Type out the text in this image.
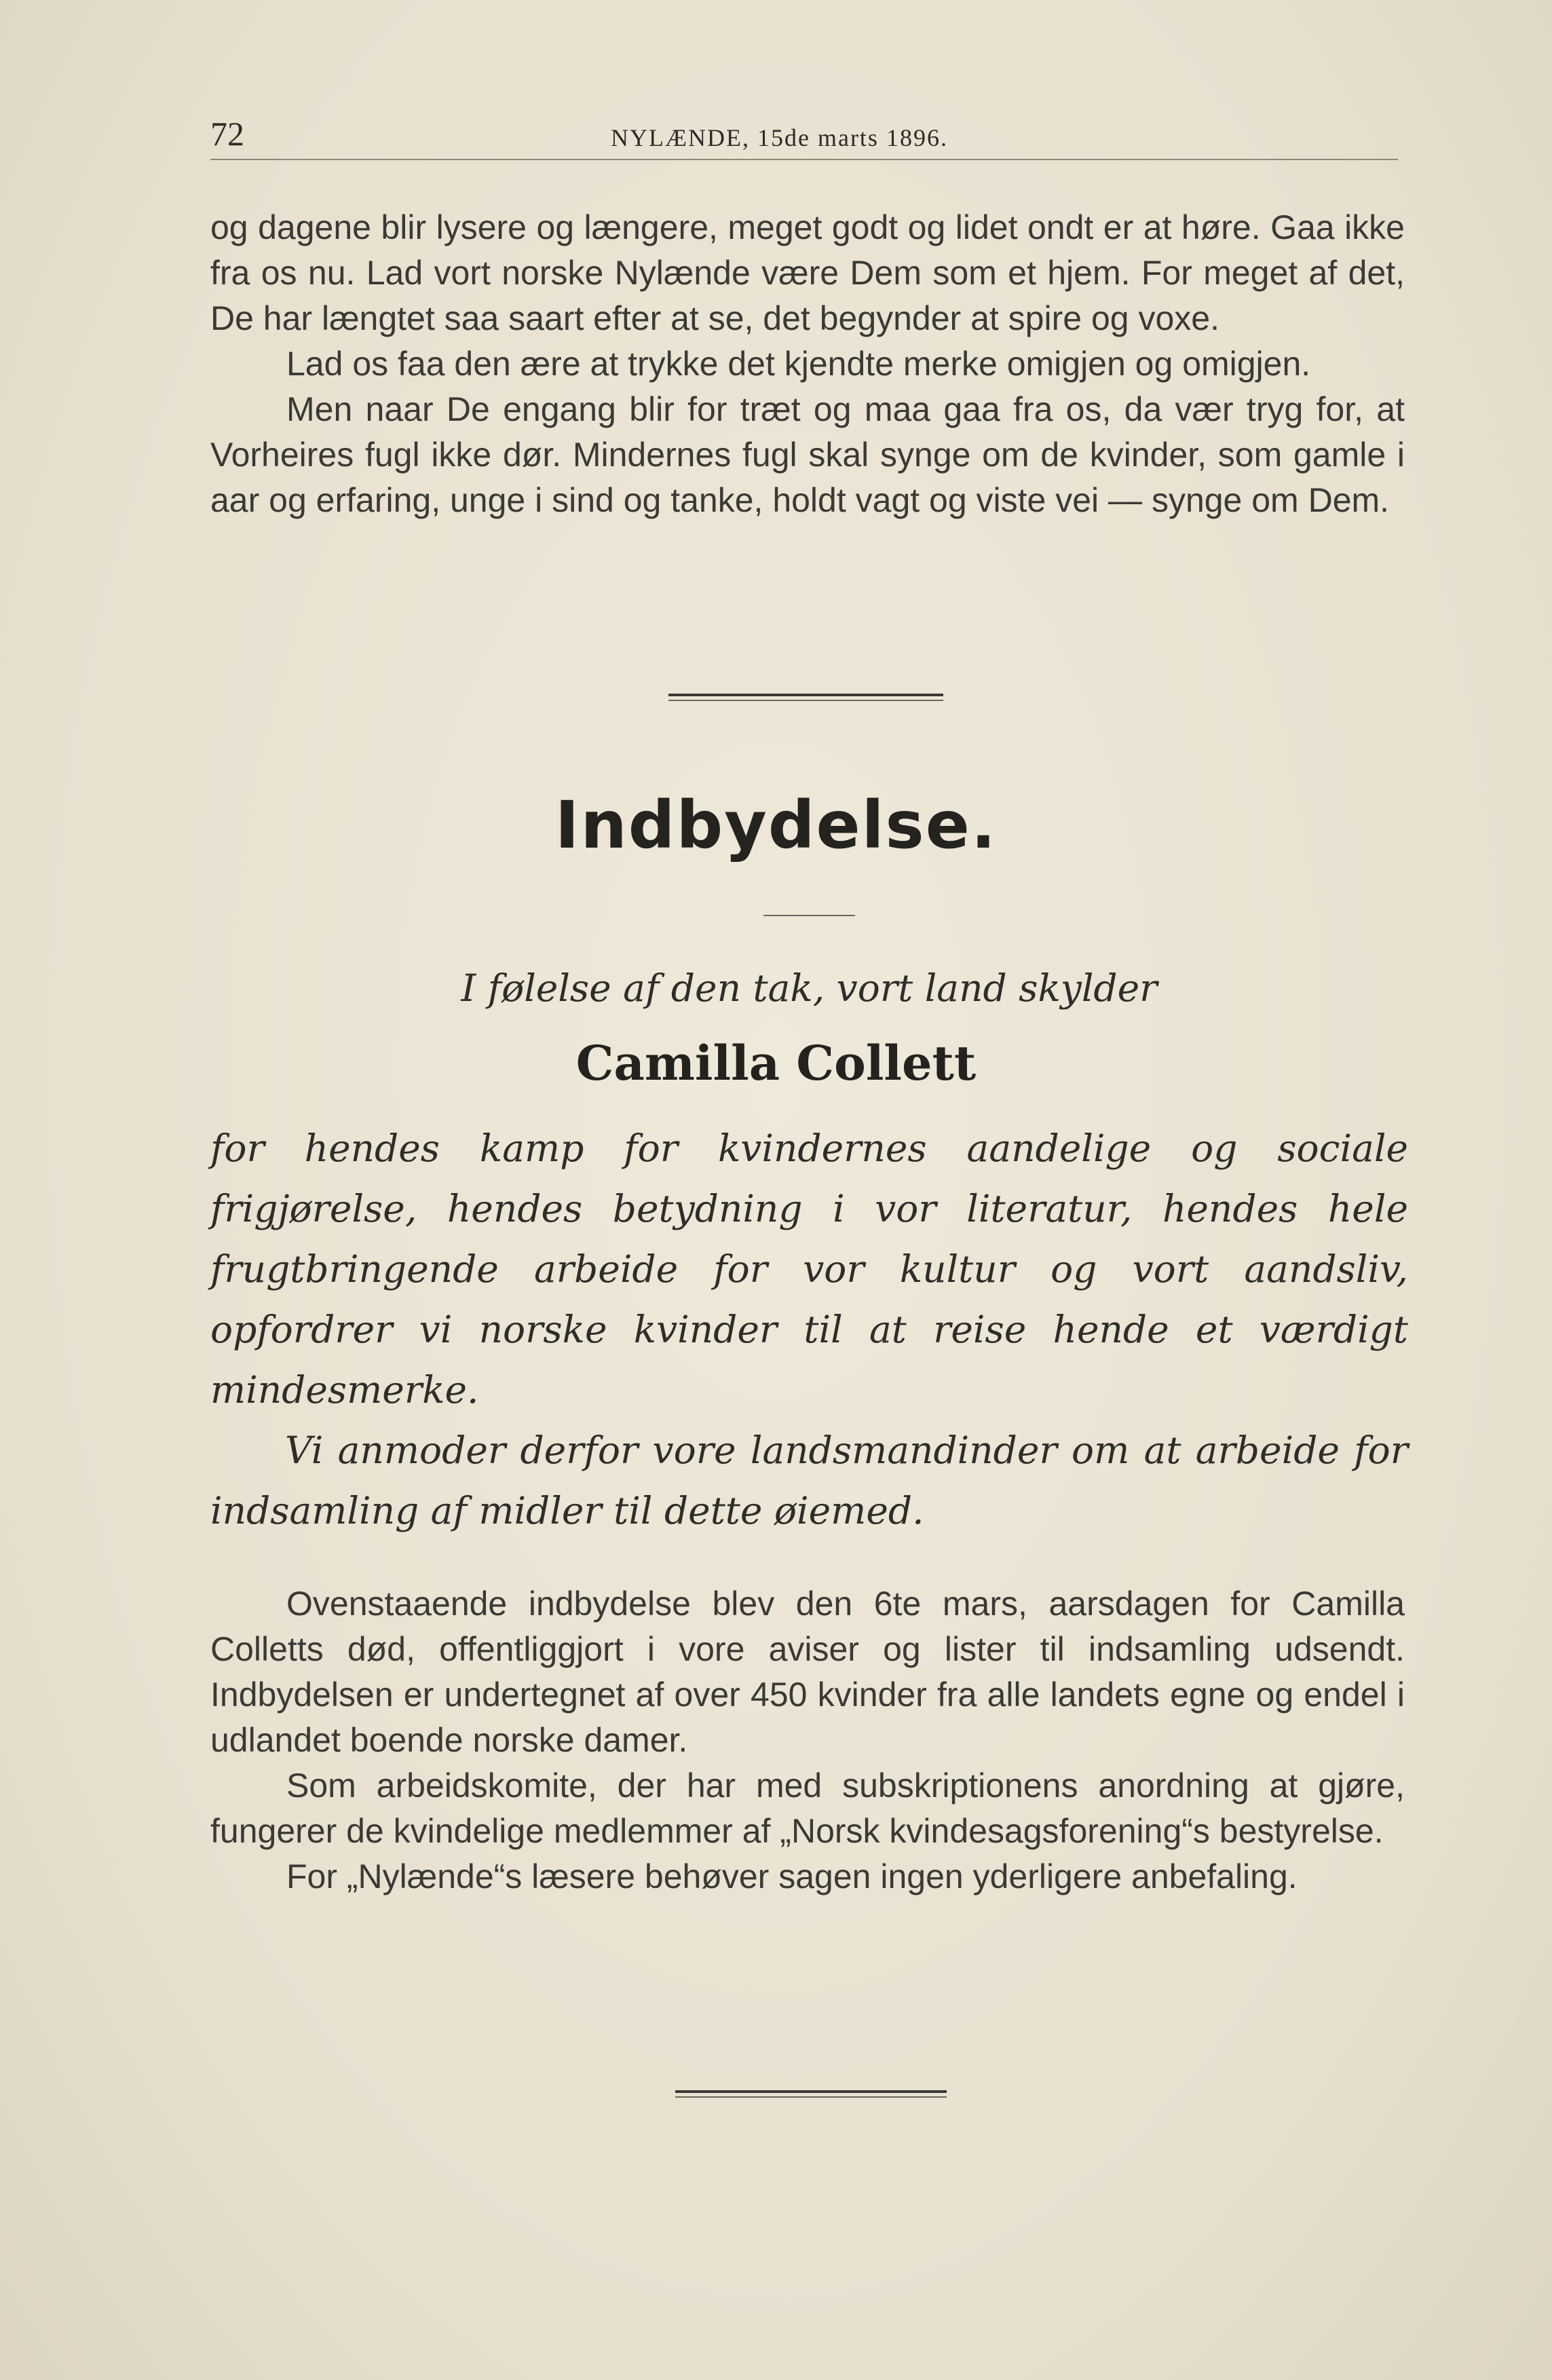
72	NYLÆNDE, 15de marts 1896.

og dagene blir lysere og længere, meget godt og lidet ondt er at høre. Gaa ikke fra os nu. Lad vort norske Nylænde være Dem som et hjem. For meget af det, De har længtet saa saart efter at se, det begynder at spire og voxe.

Lad os faa den ære at trykke det kjendte merke omigjen og omigjen.

Men naar De engang blir for træt og maa gaa fra os, da vær tryg for, at Vorheires fugl ikke dør. Mindernes fugl skal synge om de kvinder, som gamle i aar og erfaring, unge i sind og tanke, holdt vagt og viste vei — synge om Dem.

Indbydelse.

I følelse af den tak, vort land skylder

Camilla Collett

for hendes kamp for kvindernes aandelige og sociale frigjørelse, hendes betydning i vor literatur, hendes hele frugtbringende arbeide for vor kultur og vort aandsliv, opfordrer vi norske kvinder til at reise hende et værdigt mindesmerke.

Vi anmoder derfor vore landsmandinder om at arbeide for indsamling af midler til dette øiemed.

Ovenstaaende indbydelse blev den 6te mars, aarsdagen for Camilla Colletts død, offentliggjort i vore aviser og lister til indsamling udsendt. Indbydelsen er undertegnet af over 450 kvinder fra alle landets egne og endel i udlandet boende norske damer.

Som arbeidskomite, der har med subskriptionens anordning at gjøre, fungerer de kvindelige medlemmer af „Norsk kvindesagsforening“s bestyrelse.

For „Nylænde“s læsere behøver sagen ingen yderligere anbefaling.
